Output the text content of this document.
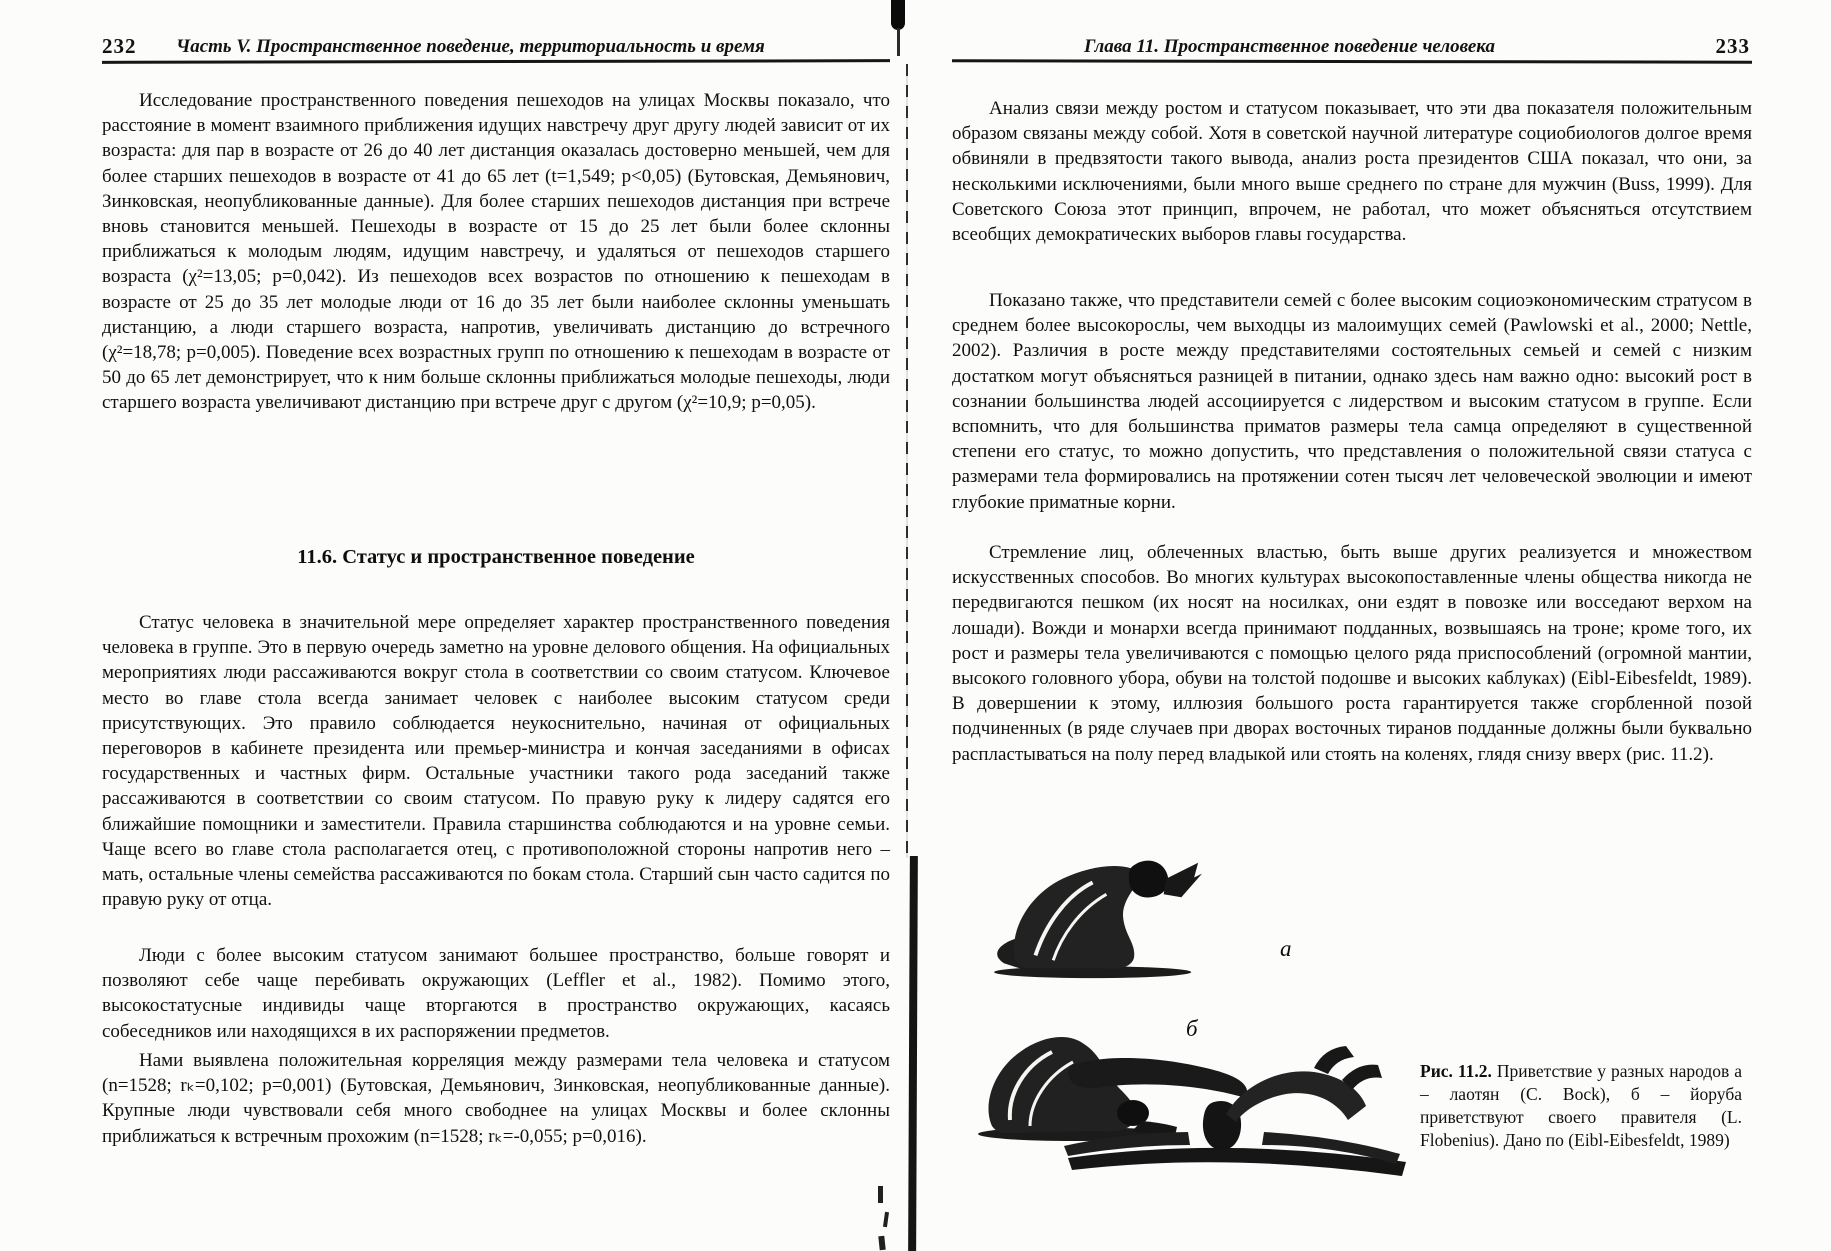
232 Часть V. Пространственное поведение, территориальность и время

Исследование пространственного поведения пешеходов на улицах Москвы показало, что расстояние в момент взаимного приближения идущих навстречу друг другу людей зависит от их возраста: для пар в возрасте от 26 до 40 лет дистанция оказалась достоверно меньшей, чем для более старших пешеходов в возрасте от 41 до 65 лет (t=1,549; p<0,05) (Бутовская, Демьянович, Зинковская, неопубликованные данные). Для более старших пешеходов дистанция при встрече вновь становится меньшей. Пешеходы в возрасте от 15 до 25 лет были более склонны приближаться к молодым людям, идущим навстречу, и удаляться от пешеходов старшего возраста (χ²=13,05; p=0,042). Из пешеходов всех возрастов по отношению к пешеходам в возрасте от 25 до 35 лет молодые люди от 16 до 35 лет были наиболее склонны уменьшать дистанцию, а люди старшего возраста, напротив, увеличивать дистанцию до встречного (χ²=18,78; p=0,005). Поведение всех возрастных групп по отношению к пешеходам в возрасте от 50 до 65 лет демонстрирует, что к ним больше склонны приближаться молодые пешеходы, люди старшего возраста увеличивают дистанцию при встрече друг с другом (χ²=10,9; p=0,05).

11.6. Статус и пространственное поведение

Статус человека в значительной мере определяет характер пространственного поведения человека в группе. Это в первую очередь заметно на уровне делового общения. На официальных мероприятиях люди рассаживаются вокруг стола в соответствии со своим статусом. Ключевое место во главе стола всегда занимает человек с наиболее высоким статусом среди присутствующих. Это правило соблюдается неукоснительно, начиная от официальных переговоров в кабинете президента или премьер-министра и кончая заседаниями в офисах государственных и частных фирм. Остальные участники такого рода заседаний также рассаживаются в соответствии со своим статусом. По правую руку к лидеру садятся его ближайшие помощники и заместители. Правила старшинства соблюдаются и на уровне семьи. Чаще всего во главе стола располагается отец, с противоположной стороны напротив него – мать, остальные члены семейства рассаживаются по бокам стола. Старший сын часто садится по правую руку от отца.

Люди с более высоким статусом занимают большее пространство, больше говорят и позволяют себе чаще перебивать окружающих (Leffler et al., 1982). Помимо этого, высокостатусные индивиды чаще вторгаются в пространство окружающих, касаясь собеседников или находящихся в их распоряжении предметов.

Нами выявлена положительная корреляция между размерами тела человека и статусом (n=1528; rₖ=0,102; p=0,001) (Бутовская, Демьянович, Зинковская, неопубликованные данные). Крупные люди чувствовали себя много свободнее на улицах Москвы и более склонны приближаться к встречным прохожим (n=1528; rₖ=-0,055; p=0,016).

Глава 11. Пространственное поведение человека	233

Анализ связи между ростом и статусом показывает, что эти два показателя положительным образом связаны между собой. Хотя в советской научной литературе социобиологов долгое время обвиняли в предвзятости такого вывода, анализ роста президентов США показал, что они, за несколькими исключениями, были много выше среднего по стране для мужчин (Buss, 1999). Для Советского Союза этот принцип, впрочем, не работал, что может объясняться отсутствием всеобщих демократических выборов главы государства.

Показано также, что представители семей с более высоким социоэкономическим стратусом в среднем более высокорослы, чем выходцы из малоимущих семей (Pawlowski et al., 2000; Nettle, 2002). Различия в росте между представителями состоятельных семьей и семей с низким достатком могут объясняться разницей в питании, однако здесь нам важно одно: высокий рост в сознании большинства людей ассоциируется с лидерством и высоким статусом в группе. Если вспомнить, что для большинства приматов размеры тела самца определяют в существенной степени его статус, то можно допустить, что представления о положительной связи статуса с размерами тела формировались на протяжении сотен тысяч лет человеческой эволюции и имеют глубокие приматные корни.

Стремление лиц, облеченных властью, быть выше других реализуется и множеством искусственных способов. Во многих культурах высокопоставленные члены общества никогда не передвигаются пешком (их носят на носилках, они ездят в повозке или восседают верхом на лошади). Вожди и монархи всегда принимают подданных, возвышаясь на троне; кроме того, их рост и размеры тела увеличиваются с помощью целого ряда приспособлений (огромной мантии, высокого головного убора, обуви на толстой подошве и высоких каблуках) (Eibl-Eibesfeldt, 1989). В довершении к этому, иллюзия большого роста гарантируется также сгорбленной позой подчиненных (в ряде случаев при дворах восточных тиранов подданные должны были буквально распластываться на полу перед владыкой или стоять на коленях, глядя снизу вверх (рис. 11.2).

а
б
Рис. 11.2. Приветствие у разных народов а – лаотян (C. Bock), б – йоруба приветствуют своего правителя (L. Flobenius). Дано по (Eibl-Eibesfeldt, 1989)
